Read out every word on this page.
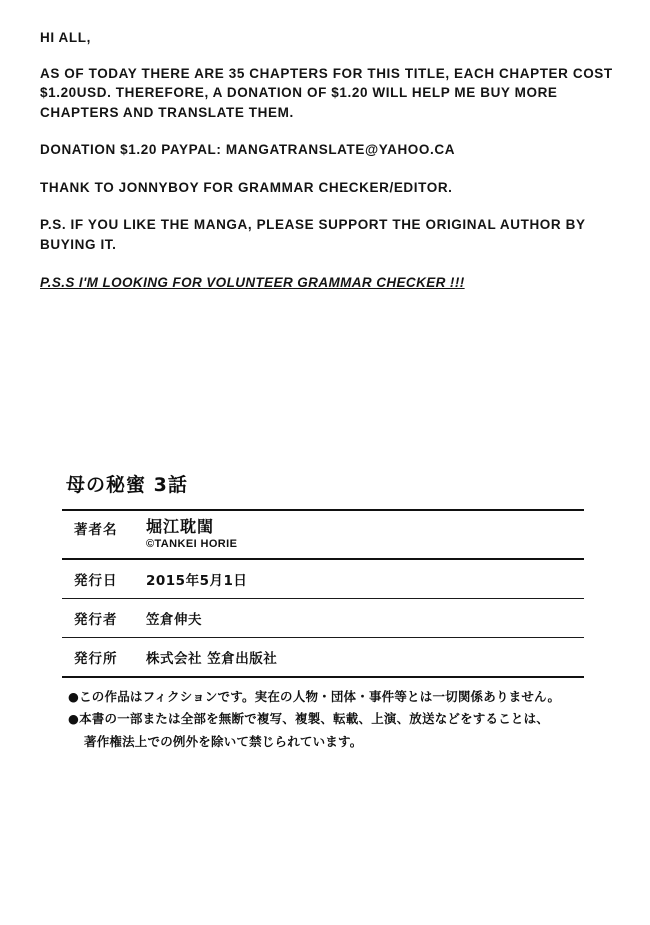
HI ALL,

AS OF TODAY THERE ARE 35 CHAPTERS FOR THIS TITLE, EACH CHAPTER COST $1.20USD. THEREFORE, A DONATION OF $1.20 WILL HELP ME BUY MORE CHAPTERS AND TRANSLATE THEM.

DONATION $1.20 PAYPAL: MANGATRANSLATE@YAHOO.CA

THANK TO JONNYBOY FOR GRAMMAR CHECKER/EDITOR.

P.S. IF YOU LIKE THE MANGA, PLEASE SUPPORT THE ORIGINAL AUTHOR BY BUYING IT.

P.S.S I'M LOOKING FOR VOLUNTEER GRAMMAR CHECKER !!!

母の秘蜜 3話
著者名	堀江耽閨
©TANKEI HORIE
発行日	2015年5月1日
発行者	笠倉伸夫
発行所	株式会社 笠倉出版社

●この作品はフィクションです。実在の人物・団体・事件等とは一切関係ありません。

●本書の一部または全部を無断で複写、複製、転載、上演、放送などをすることは、

著作権法上での例外を除いて禁じられています。
